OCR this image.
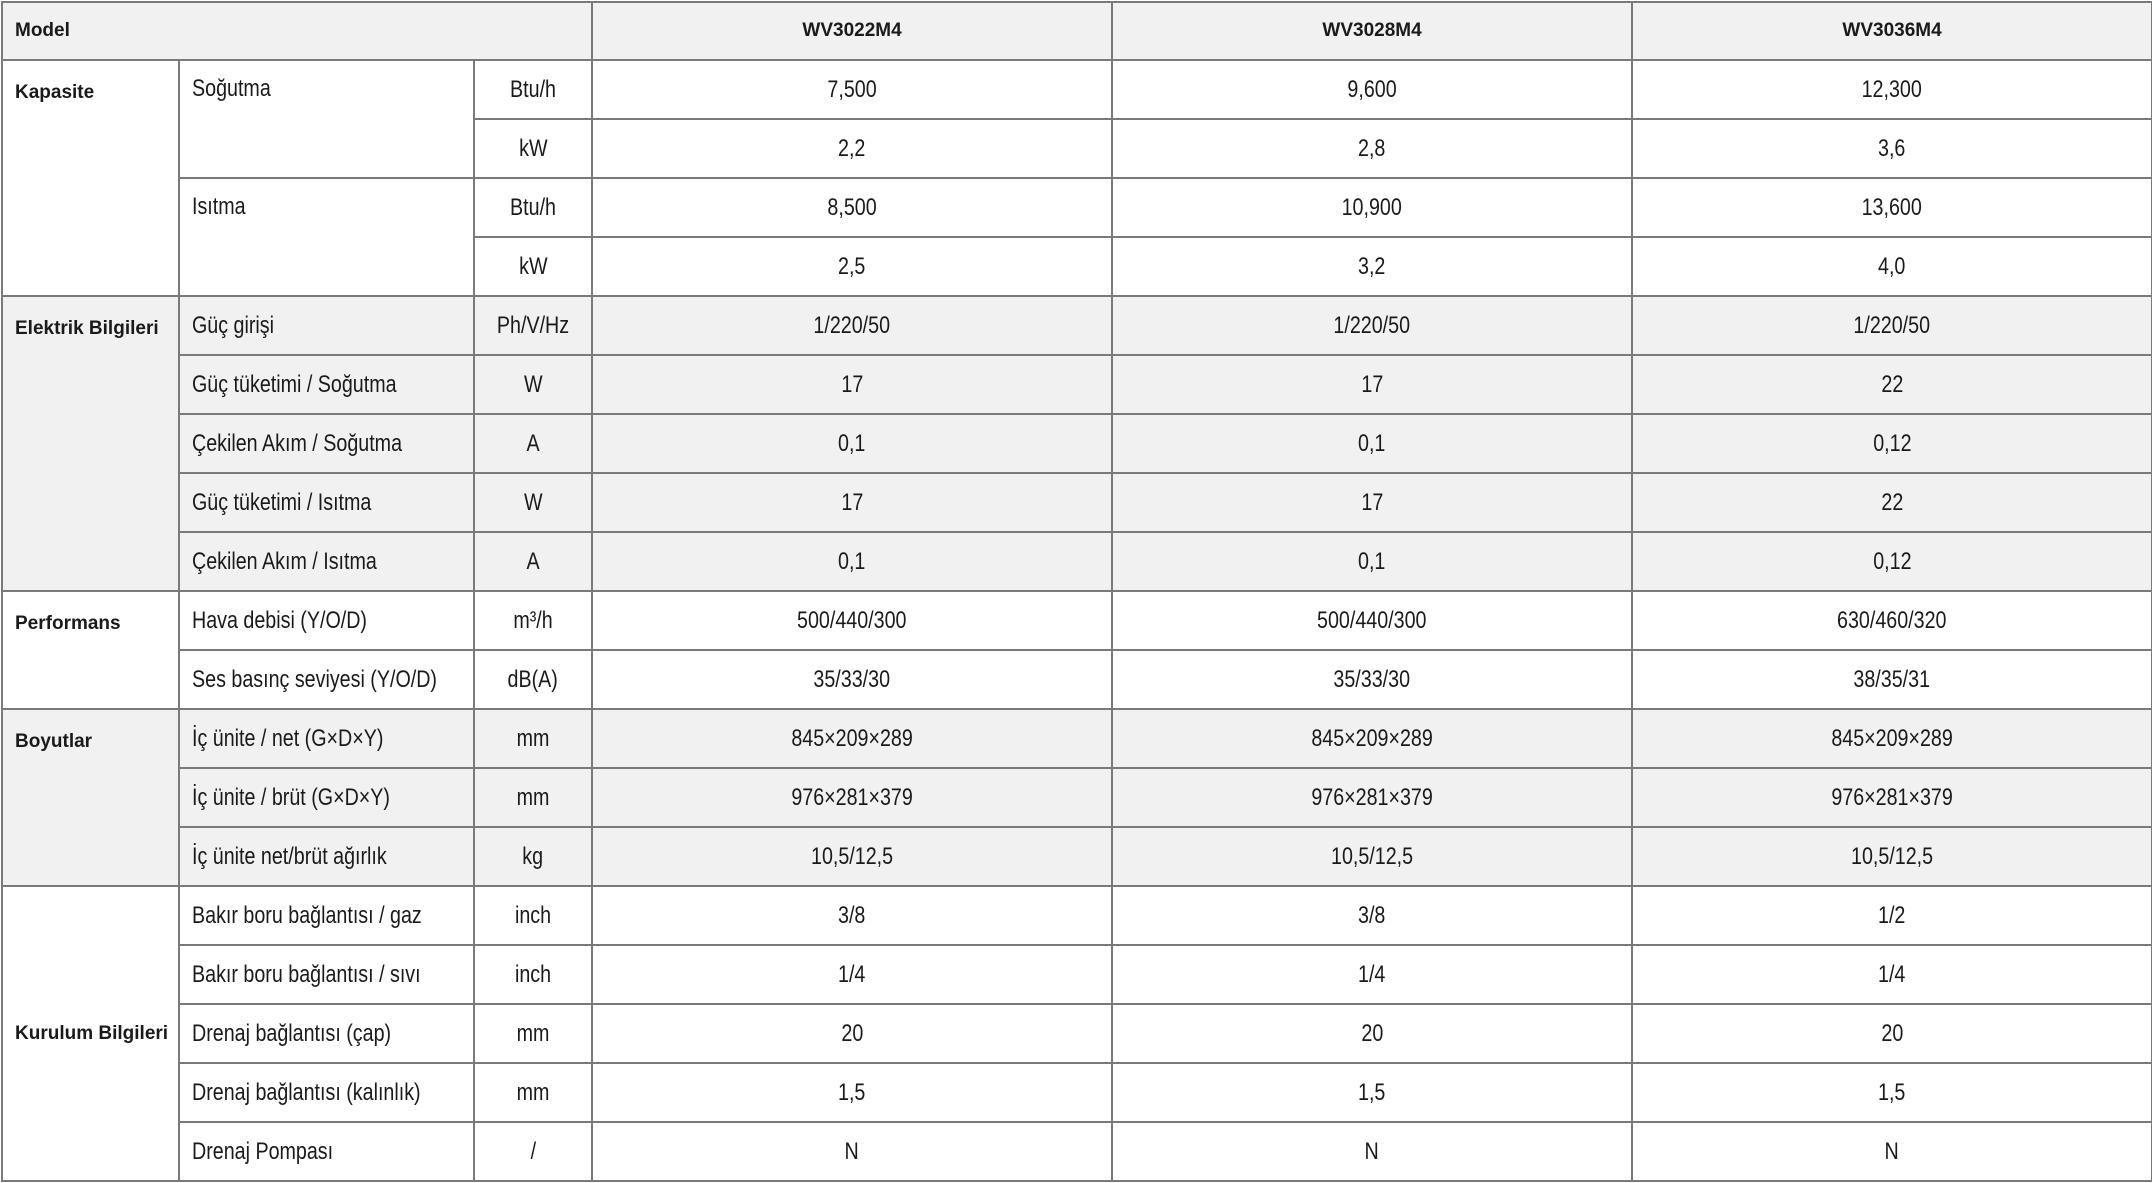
Model			WV3022M4	WV3028M4	WV3036M4
Kapasite	Soğutma	Btu/h	7,500	9,600	12,300
		kW	2,2	2,8	3,6
	Isıtma	Btu/h	8,500	10,900	13,600
		kW	2,5	3,2	4,0
Elektrik Bilgileri	Güç girişi	Ph/V/Hz	1/220/50	1/220/50	1/220/50
	Güç tüketimi / Soğutma	W	17	17	22
	Çekilen Akım / Soğutma	A	0,1	0,1	0,12
	Güç tüketimi / Isıtma	W	17	17	22
	Çekilen Akım / Isıtma	A	0,1	0,1	0,12
Performans	Hava debisi (Y/O/D)	m³/h	500/440/300	500/440/300	630/460/320
	Ses basınç seviyesi (Y/O/D)	dB(A)	35/33/30	35/33/30	38/35/31
Boyutlar	İç ünite / net (G×D×Y)	mm	845×209×289	845×209×289	845×209×289
	İç ünite / brüt (G×D×Y)	mm	976×281×379	976×281×379	976×281×379
	İç ünite net/brüt ağırlık	kg	10,5/12,5	10,5/12,5	10,5/12,5
Kurulum Bilgileri	Bakır boru bağlantısı / gaz	inch	3/8	3/8	1/2
	Bakır boru bağlantısı / sıvı	inch	1/4	1/4	1/4
	Drenaj bağlantısı (çap)	mm	20	20	20
	Drenaj bağlantısı (kalınlık)	mm	1,5	1,5	1,5
	Drenaj Pompası	/	N	N	N
